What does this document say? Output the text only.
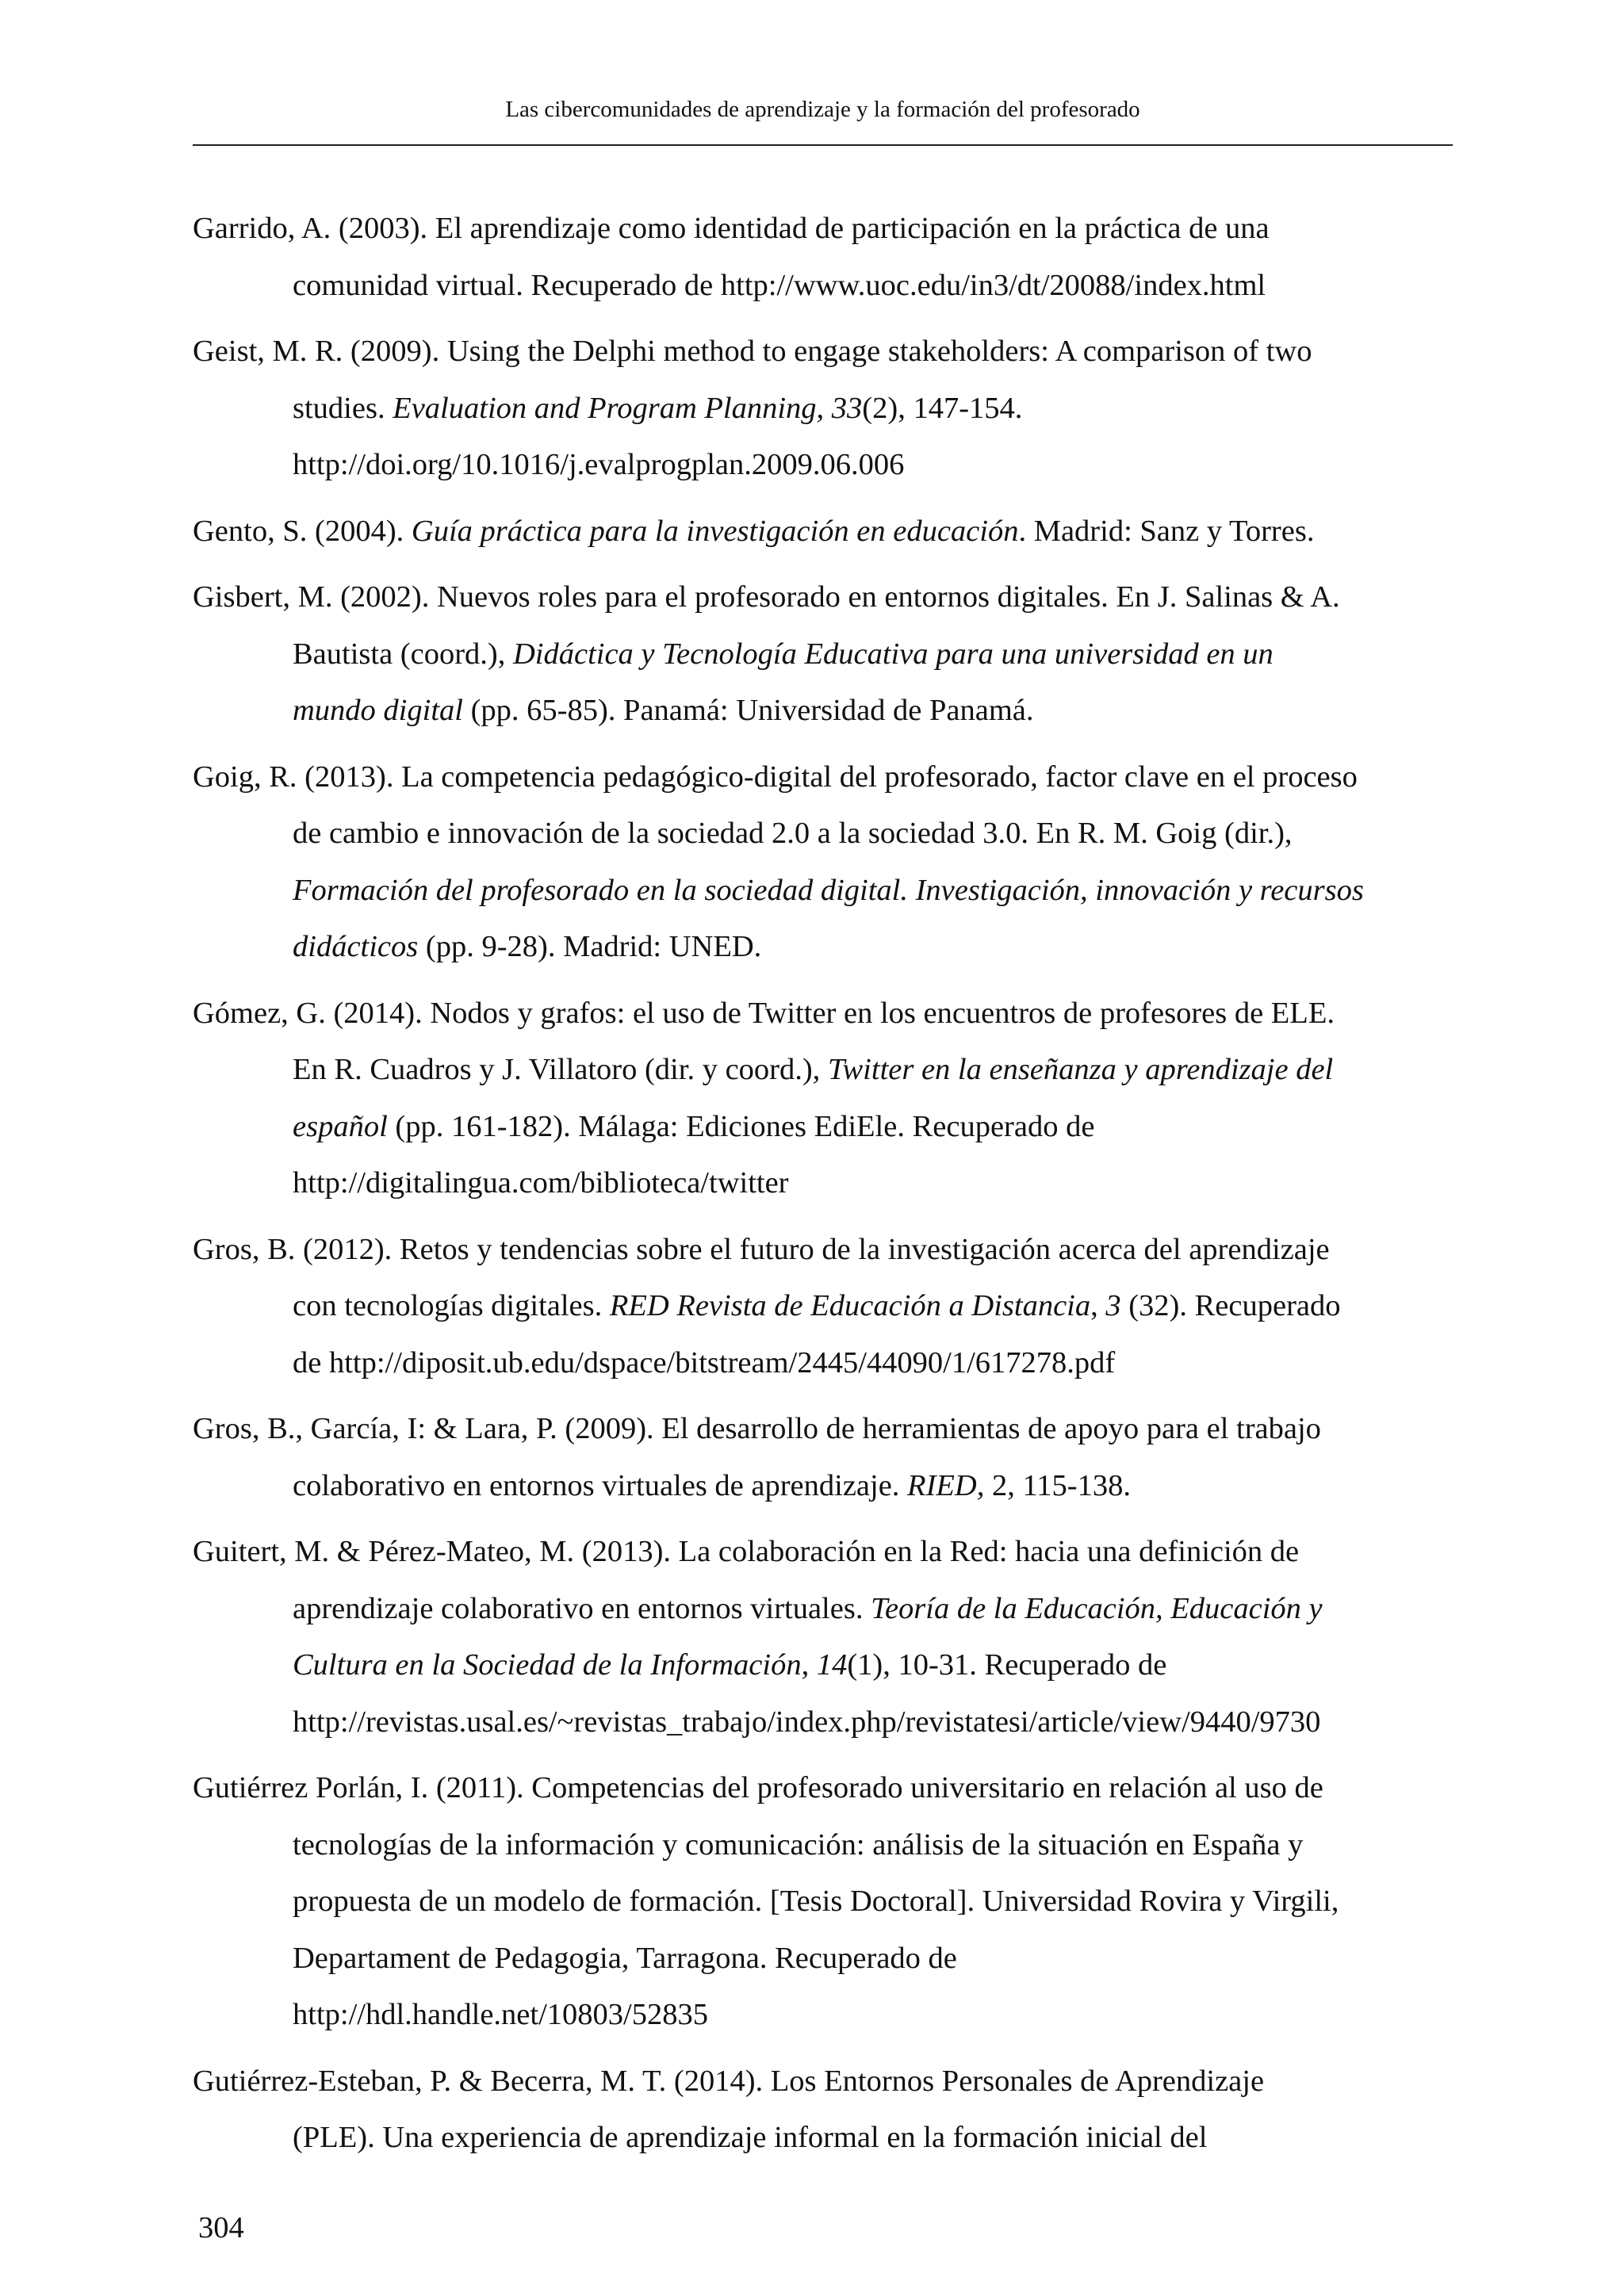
Las cibercomunidades de aprendizaje y la formación del profesorado
Garrido, A. (2003). El aprendizaje como identidad de participación en la práctica de una
comunidad virtual. Recuperado de http://www.uoc.edu/in3/dt/20088/index.html
Geist, M. R. (2009). Using the Delphi method to engage stakeholders: A comparison of two
studies. Evaluation and Program Planning, 33(2), 147-154.
http://doi.org/10.1016/j.evalprogplan.2009.06.006
Gento, S. (2004). Guía práctica para la investigación en educación. Madrid: Sanz y Torres.
Gisbert, M. (2002). Nuevos roles para el profesorado en entornos digitales. En J. Salinas & A.
Bautista (coord.), Didáctica y Tecnología Educativa para una universidad en un
mundo digital (pp. 65-85). Panamá: Universidad de Panamá.
Goig, R. (2013). La competencia pedagógico-digital del profesorado, factor clave en el proceso
de cambio e innovación de la sociedad 2.0 a la sociedad 3.0. En R. M. Goig (dir.),
Formación del profesorado en la sociedad digital. Investigación, innovación y recursos
didácticos (pp. 9-28). Madrid: UNED.
Gómez, G. (2014). Nodos y grafos: el uso de Twitter en los encuentros de profesores de ELE.
En R. Cuadros y J. Villatoro (dir. y coord.), Twitter en la enseñanza y aprendizaje del
español (pp. 161-182). Málaga: Ediciones EdiEle. Recuperado de
http://digitalingua.com/biblioteca/twitter
Gros, B. (2012). Retos y tendencias sobre el futuro de la investigación acerca del aprendizaje
con tecnologías digitales. RED Revista de Educación a Distancia, 3 (32). Recuperado
de http://diposit.ub.edu/dspace/bitstream/2445/44090/1/617278.pdf
Gros, B., García, I: & Lara, P. (2009). El desarrollo de herramientas de apoyo para el trabajo
colaborativo en entornos virtuales de aprendizaje. RIED, 2, 115-138.
Guitert, M. & Pérez-Mateo, M. (2013). La colaboración en la Red: hacia una definición de
aprendizaje colaborativo en entornos virtuales. Teoría de la Educación, Educación y
Cultura en la Sociedad de la Información, 14(1), 10-31. Recuperado de
http://revistas.usal.es/~revistas_trabajo/index.php/revistatesi/article/view/9440/9730
Gutiérrez Porlán, I. (2011). Competencias del profesorado universitario en relación al uso de
tecnologías de la información y comunicación: análisis de la situación en España y
propuesta de un modelo de formación. [Tesis Doctoral]. Universidad Rovira y Virgili,
Departament de Pedagogia, Tarragona. Recuperado de
http://hdl.handle.net/10803/52835
Gutiérrez-Esteban, P. & Becerra, M. T. (2014). Los Entornos Personales de Aprendizaje
(PLE). Una experiencia de aprendizaje informal en la formación inicial del
304
